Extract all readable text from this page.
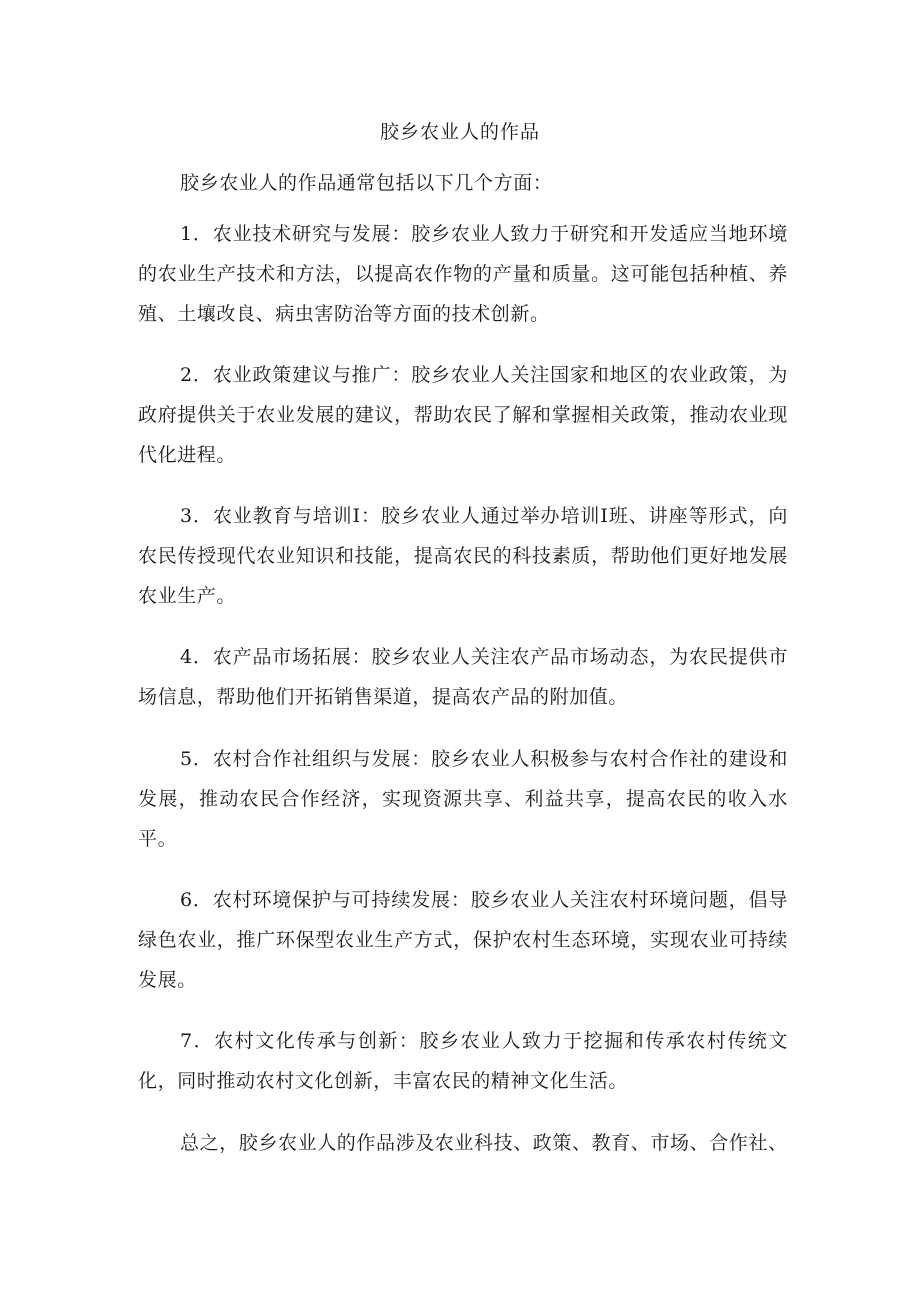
胶乡农业人的作品
胶乡农业人的作品通常包括以下几个方面：
1．农业技术研究与发展：胶乡农业人致力于研究和开发适应当地环境的农业生产技术和方法，以提高农作物的产量和质量。这可能包括种植、养殖、土壤改良、病虫害防治等方面的技术创新。
2．农业政策建议与推广：胶乡农业人关注国家和地区的农业政策，为政府提供关于农业发展的建议，帮助农民了解和掌握相关政策，推动农业现代化进程。
3．农业教育与培训I：胶乡农业人通过举办培训Ⅰ班、讲座等形式，向农民传授现代农业知识和技能，提高农民的科技素质，帮助他们更好地发展农业生产。
4．农产品市场拓展：胶乡农业人关注农产品市场动态，为农民提供市场信息，帮助他们开拓销售渠道，提高农产品的附加值。
5．农村合作社组织与发展：胶乡农业人积极参与农村合作社的建设和发展，推动农民合作经济，实现资源共享、利益共享，提高农民的收入水平。
6．农村环境保护与可持续发展：胶乡农业人关注农村环境问题，倡导绿色农业，推广环保型农业生产方式，保护农村生态环境，实现农业可持续发展。
7．农村文化传承与创新：胶乡农业人致力于挖掘和传承农村传统文化，同时推动农村文化创新，丰富农民的精神文化生活。
总之，胶乡农业人的作品涉及农业科技、政策、教育、市场、合作社、
